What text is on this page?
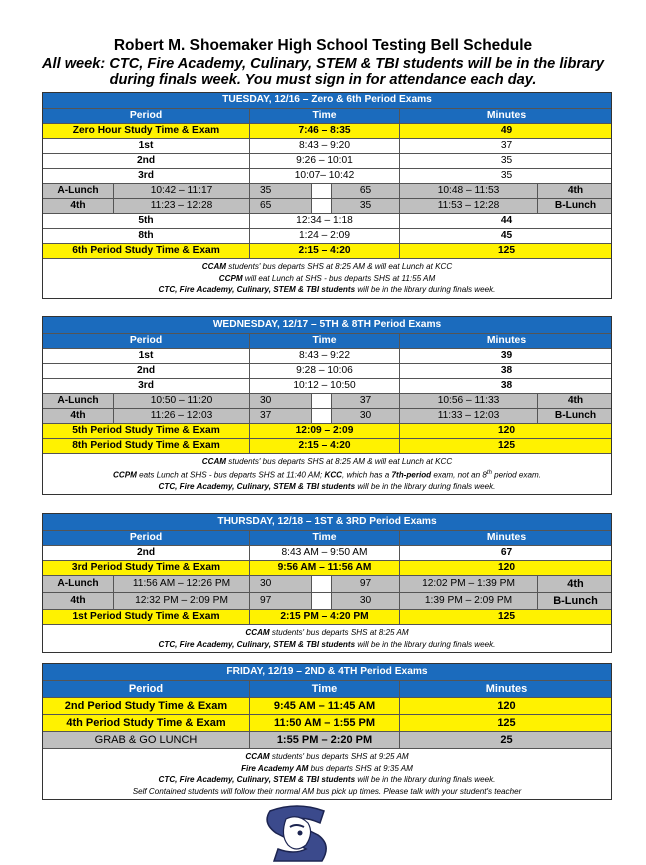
Robert M. Shoemaker High School Testing Bell Schedule
All week: CTC, Fire Academy, Culinary, STEM & TBI students will be in the library
during finals week. You must sign in for attendance each day.
TUESDAY, 12/16 – Zero & 6th Period Exams
Period	Time	Minutes
Zero Hour Study Time & Exam	7:46 – 8:35	49
1st	8:43 – 9:20	37
2nd	9:26 – 10:01	35
3rd	10:07– 10:42	35
A-Lunch	10:42 – 11:17	35	65	10:48 – 11:53	4th
4th	11:23 – 12:28	65	35	11:53 – 12:28	B-Lunch
5th	12:34 – 1:18	44
8th	1:24 – 2:09	45
6th Period Study Time & Exam	2:15 – 4:20	125
CCAM students' bus departs SHS at 8:25 AM & will eat Lunch at KCC
CCPM will eat Lunch at SHS - bus departs SHS at 11:55 AM
CTC, Fire Academy, Culinary, STEM & TBI students will be in the library during finals week.
WEDNESDAY, 12/17 – 5TH & 8TH Period Exams
Period	Time	Minutes
1st	8:43 – 9:22	39
2nd	9:28 – 10:06	38
3rd	10:12 – 10:50	38
A-Lunch	10:50 – 11:20	30	37	10:56 – 11:33	4th
4th	11:26 – 12:03	37	30	11:33 – 12:03	B-Lunch
5th Period Study Time & Exam	12:09 – 2:09	120
8th Period Study Time & Exam	2:15 – 4:20	125
CCAM students' bus departs SHS at 8:25 AM & will eat Lunch at KCC
CCPM eats Lunch at SHS - bus departs SHS at 11:40 AM; KCC, which has a 7th-period exam, not an 8th period exam.
CTC, Fire Academy, Culinary, STEM & TBI students will be in the library during finals week.
THURSDAY, 12/18 – 1ST & 3RD Period Exams
Period	Time	Minutes
2nd	8:43 AM – 9:50 AM	67
3rd Period Study Time & Exam	9:56 AM – 11:56 AM	120
A-Lunch	11:56 AM – 12:26 PM	30	97	12:02 PM – 1:39 PM	4th
4th	12:32 PM – 2:09 PM	97	30	1:39 PM – 2:09 PM	B-Lunch
1st Period Study Time & Exam	2:15 PM – 4:20 PM	125
CCAM students' bus departs SHS at 8:25 AM
CTC, Fire Academy, Culinary, STEM & TBI students will be in the library during finals week.
FRIDAY, 12/19 – 2ND & 4TH Period Exams
Period	Time	Minutes
2nd Period Study Time & Exam	9:45 AM – 11:45 AM	120
4th Period Study Time & Exam	11:50 AM – 1:55 PM	125
GRAB & GO LUNCH	1:55 PM – 2:20 PM	25
CCAM students' bus departs SHS at 9:25 AM
Fire Academy AM bus departs SHS at 9:35 AM
CTC, Fire Academy, Culinary, STEM & TBI students will be in the library during finals week.
Self Contained students will follow their normal AM bus pick up times. Please talk with your student's teacher
